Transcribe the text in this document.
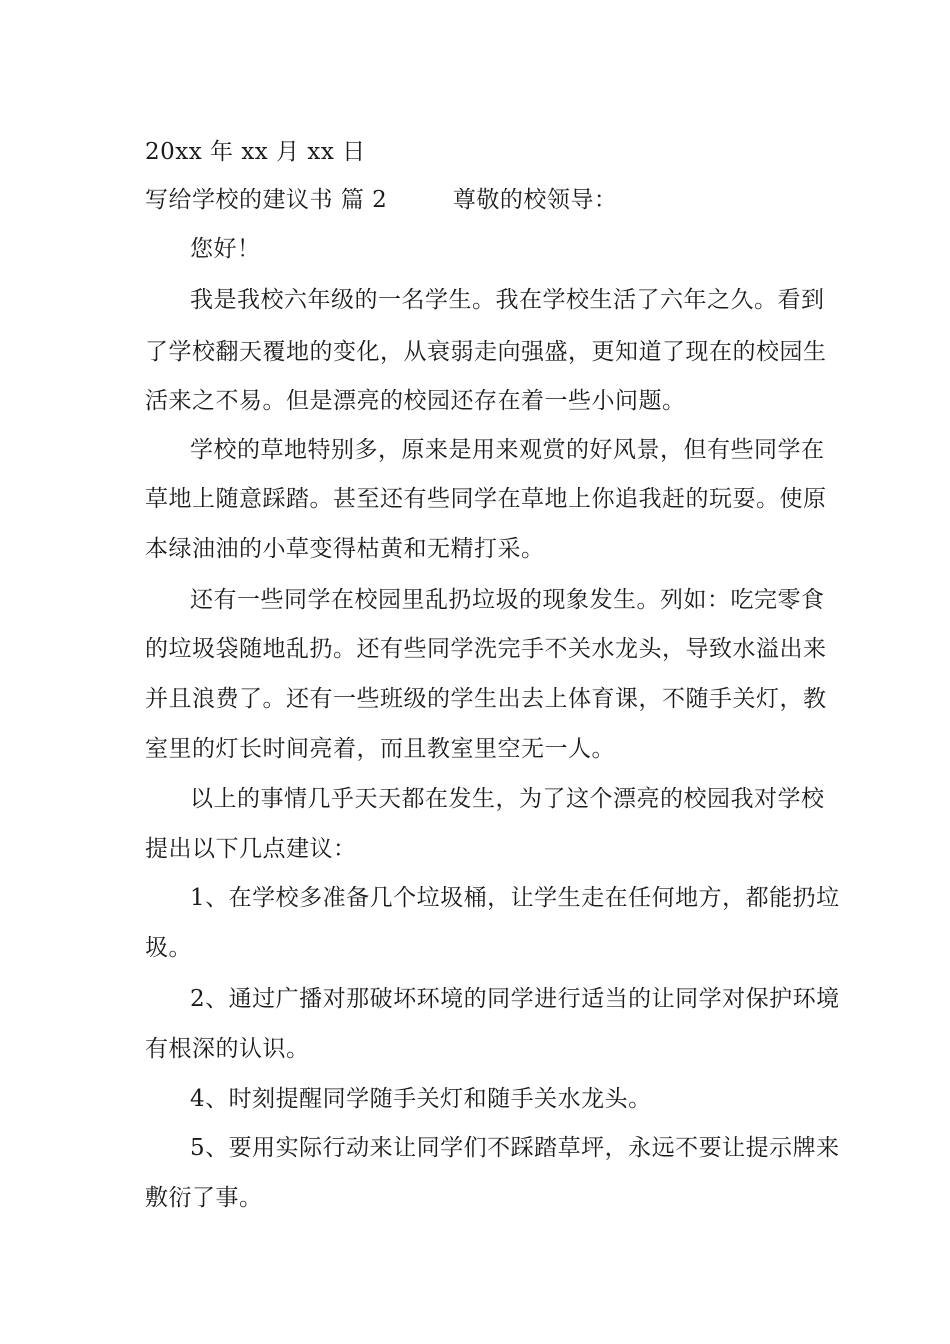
20xx 年 xx 月 xx 日
写给学校的建议书 篇 2	尊敬的校领导：
您好！
我是我校六年级的一名学生。我在学校生活了六年之久。看到
了学校翻天覆地的变化，从衰弱走向强盛，更知道了现在的校园生
活来之不易。但是漂亮的校园还存在着一些小问题。
学校的草地特别多，原来是用来观赏的好风景，但有些同学在
草地上随意踩踏。甚至还有些同学在草地上你追我赶的玩耍。使原
本绿油油的小草变得枯黄和无精打采。
还有一些同学在校园里乱扔垃圾的现象发生。列如：吃完零食
的垃圾袋随地乱扔。还有些同学洗完手不关水龙头，导致水溢出来
并且浪费了。还有一些班级的学生出去上体育课，不随手关灯，教
室里的灯长时间亮着，而且教室里空无一人。
以上的事情几乎天天都在发生，为了这个漂亮的校园我对学校
提出以下几点建议：
1、在学校多准备几个垃圾桶，让学生走在任何地方，都能扔垃
圾。
2、通过广播对那破坏环境的同学进行适当的让同学对保护环境
有根深的认识。
4、时刻提醒同学随手关灯和随手关水龙头。
5、要用实际行动来让同学们不踩踏草坪，永远不要让提示牌来
敷衍了事。
